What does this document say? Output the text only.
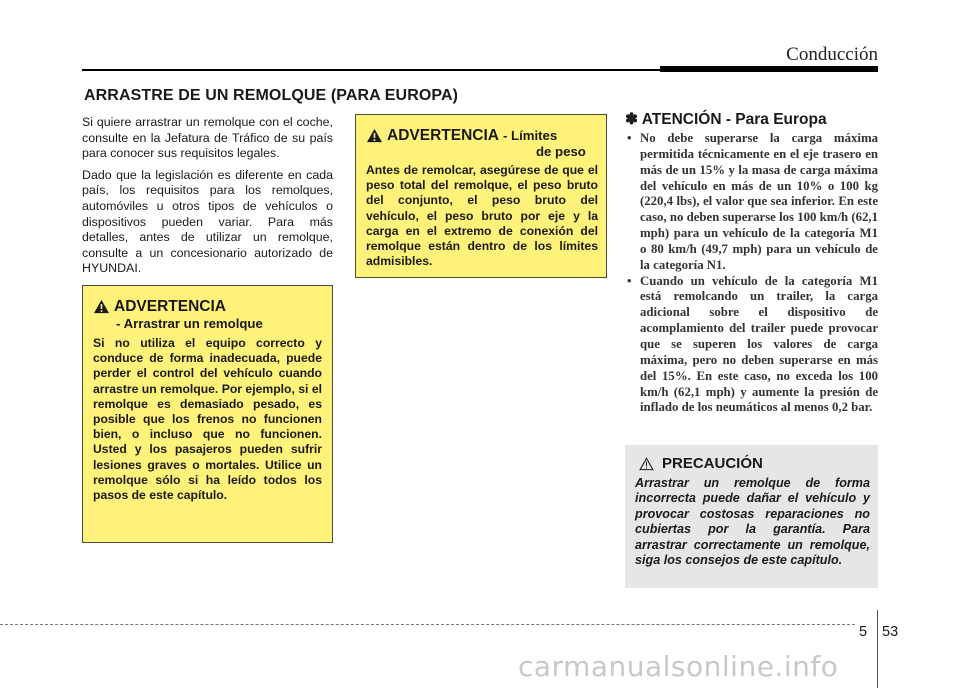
Conducción
ARRASTRE DE UN REMOLQUE (PARA EUROPA)

Si quiere arrastrar un remolque con el coche, consulte en la Jefatura de Tráfico de su país para conocer sus requisitos legales.

Dado que la legislación es diferente en cada país, los requisitos para los remolques, automóviles u otros tipos de vehículos o dispositivos pueden variar. Para más detalles, antes de utilizar un remolque, consulte a un concesionario autorizado de HYUNDAI.

ADVERTENCIA
- Arrastrar un remolque
Si no utiliza el equipo correcto y conduce de forma inadecuada, puede perder el control del vehículo cuando arrastre un remolque. Por ejemplo, si el remolque es demasiado pesado, es posible que los frenos no funcionen bien, o incluso que no funcionen. Usted y los pasajeros pueden sufrir lesiones graves o mortales. Utilice un remolque sólo si ha leído todos los pasos de este capítulo.
ADVERTENCIA - Límites
de peso
Antes de remolcar, asegúrese de que el peso total del remolque, el peso bruto del conjunto, el peso bruto del vehículo, el peso bruto por eje y la carga en el extremo de conexión del remolque están dentro de los límites admisibles.
✽ ATENCIÓN - Para Europa
• No debe superarse la carga máxima permitida técnicamente en el eje trasero en más de un 15% y la masa de carga máxima del vehículo en más de un 10% o 100 kg (220,4 lbs), el valor que sea inferior. En este caso, no deben superarse los 100 km/h (62,1 mph) para un vehículo de la categoría M1 o 80 km/h (49,7 mph) para un vehículo de la categoría N1.
• Cuando un vehículo de la categoría M1 está remolcando un trailer, la carga adicional sobre el dispositivo de acomplamiento del trailer puede provocar que se superen los valores de carga máxima, pero no deben superarse en más del 15%. En este caso, no exceda los 100 km/h (62,1 mph) y aumente la presión de inflado de los neumáticos al menos 0,2 bar.
PRECAUCIÓN
Arrastrar un remolque de forma incorrecta puede dañar el vehículo y provocar costosas reparaciones no cubiertas por la garantía. Para arrastrar correctamente un remolque, siga los consejos de este capítulo.
5 53
carmanualsonline.info
